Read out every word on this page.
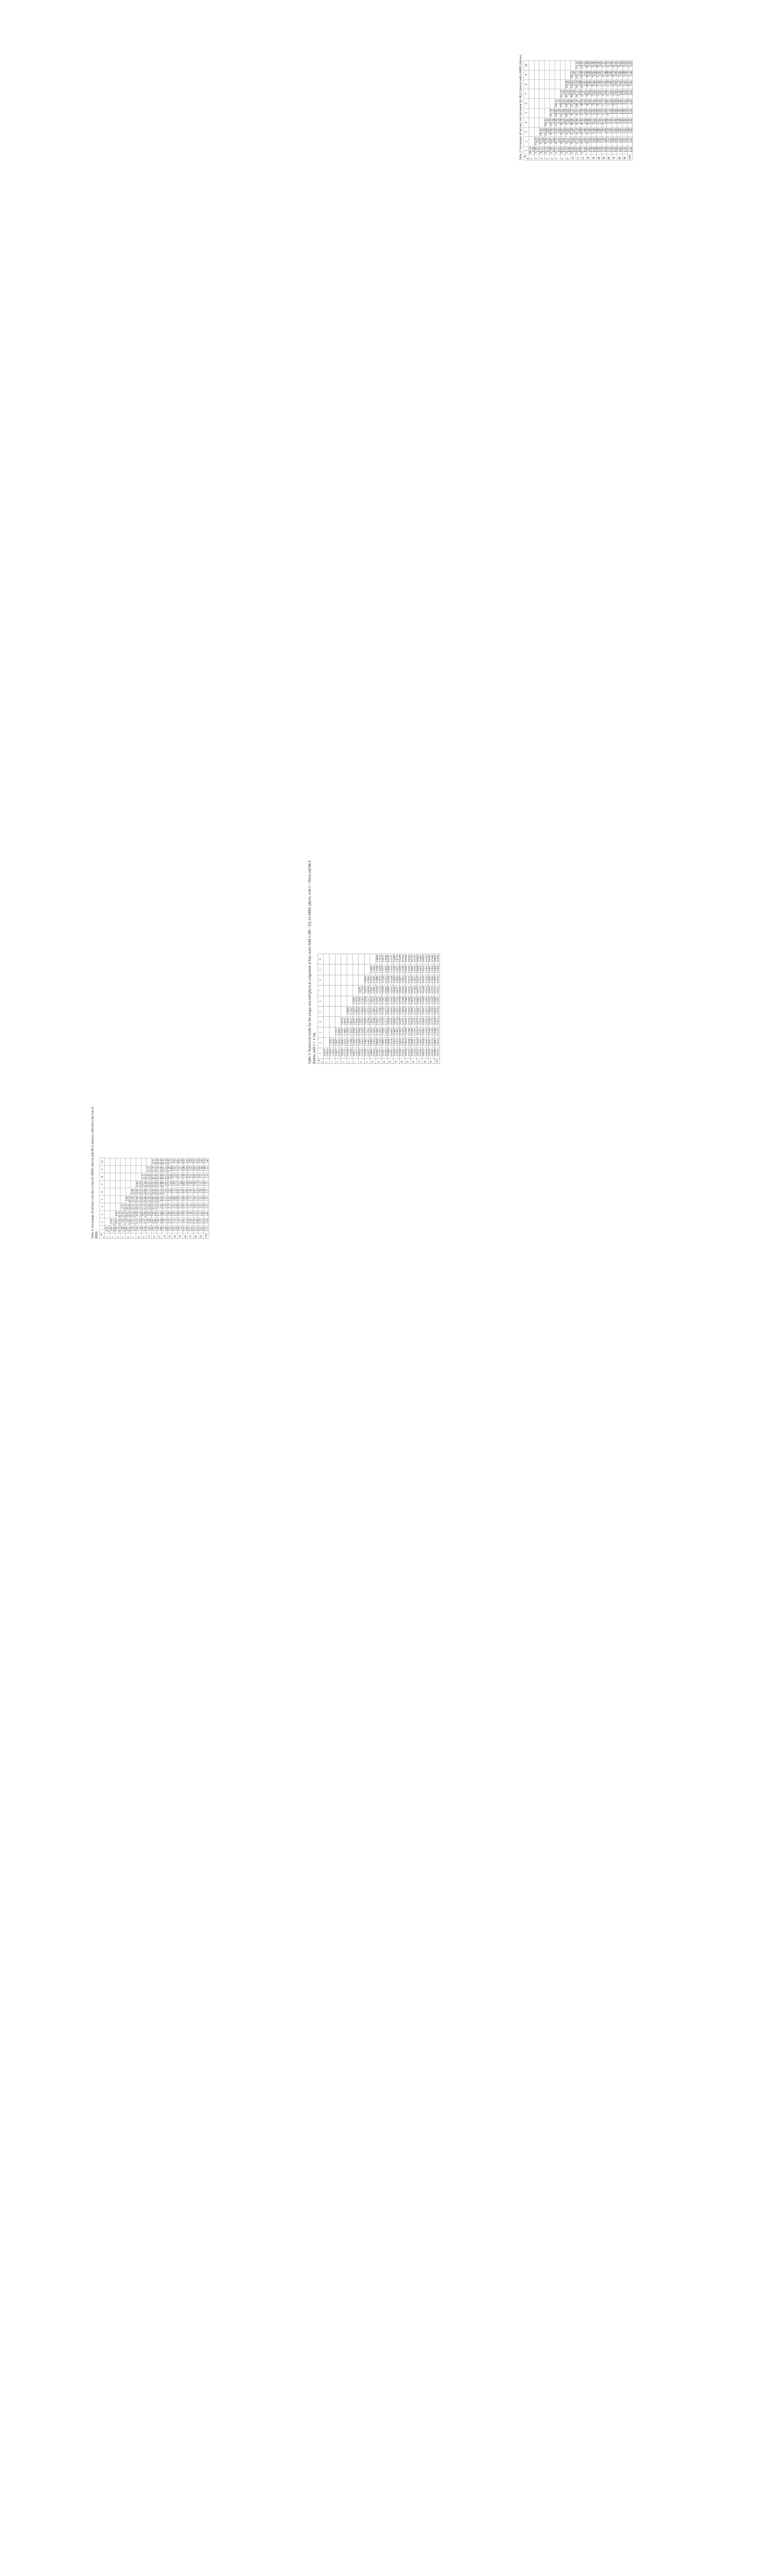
Table 4: Percentage of intrinsic risk due to bias for MIRE (above) and MLE (below), referred to the risk of MIRE. m
n	1	2	3	4	5	6	7	8	9	10
2	4.20 27.23									

3	4.25 19.99	6.90 27.37								

4	3.92 15.74	8.03 21.35	8.40 27.74							

5	3.48 12.88	7.82 17.04	10.41 23.79	9.34 29.54						

6	3.07 10.01	7.30 13.81	10.27 19.10	12.57 25.80	9.99 30.74					

7	2.78 9.50	6.71 11.55	10.11 15.68	12.52 21.11	13.18 27.73	10.46 31.91				

8	2.52 7.42	6.17 9.99	9.34 13.32	12.23 17.52	13.99 23.04	14.04 29.54	10.82 33.04			

9	2.30 6.58	5.70 8.57	8.93 11.69	11.72 15.14	13.95 19.46	15.11 24.88	14.57 31.26	11.10 34.11		

10	2.11 5.89	5.28 7.68	8.36 9.99	11.41 12.88	13.45 16.49	15.17 21.02	16.01 26.63	15.26 32.88	11.32 35.13	

11	1.95 5.34	4.91 6.86	7.87 8.99	10.53 11.13	12.99 13.85	14.83 18.28	16.21 22.46	16.73 28.30	15.70 34.33	11.50 36.11

15	1.49 3.85	3.82 4.74	6.21 5.61	8.54 7.01	10.66 8.72	12.65 11.31	14.45 13.66	16.05 16.44	17.39 19.76	18.39 23.76

20	1.15 2.88	2.98 3.59	4.89 4.27	6.78 5.08	8.59 6.23	10.32 7.64	11.97 8.99	13.52 10.51	14.97 12.23	16.32 14.19

30	0.78 1.91	2.05 2.33	3.38 2.83	4.74 3.37	6.10 3.96	7.43 4.60	8.75 5.29	10.03 6.00	11.28 6.84	12.50 7.71

40	0.60 1.43	1.55 1.73	2.58 2.01	3.63 2.42	4.69 2.86	5.75 3.30	6.80 3.74	7.83 4.22	8.84 4.73	9.83 5.27

50	0.48 1.14	1.25 1.37	2.08 1.62	2.93 1.92	3.79 2.22	4.65 2.54	5.51 2.88	6.37 3.24	7.22 3.61	8.06 3.99

60	0.41 0.95	1.05 1.14	1.74 1.34	2.45 1.59	3.18 1.83	3.91 2.09	4.63 2.36	5.36 2.63	6.08 2.92	6.81 3.21

70	0.35 0.81	0.90 0.97	1.50 1.16	2.11 1.36	2.73 1.57	3.36 1.78	3.98 1.99	4.61 2.21	5.24 2.45	5.86 2.69

80	0.31 0.71	0.79 0.85	1.31 1.01	1.85 1.19	2.40 1.37	2.95 1.55	3.49 1.74	4.04 1.93	4.60 2.13	5.15 2.33

90	0.27 0.63	0.70 0.75	1.17 0.89	1.65 1.05	2.13 1.22	2.62 1.38	3.11 1.54	3.60 1.71	4.09 1.88	4.58 2.06

100	0.25 0.57	0.63 0.68	1.05 0.80	1.48 0.93	1.92 1.07	2.36 1.21	2.80 1.35	3.24 1.50	3.68 1.65	4.12 1.80

Table 3: Numerical results for the unique non-null physical component of bias vector field ¼ Bθᵢᵖ⁻¹(λ̂), for MIRE (above, with λ = λ̂mre) and MLE (below, with λ = 1/√n). m
n	1	2	3	4	5	6	7	8	9	10
2	0.25273 −0.64116									

3	0.18216 −0.34699	0.33382 −0.66450								

4	0.11897 −0.23533	0.23607 −0.41521	0.37137 −0.68008							

5	0.09542 −0.17763	0.18360 −0.30233	0.27257 −0.44842	0.39730 −0.69095						

6	0.07959 −0.14348	0.15393 −0.23486	0.22835 −0.31633	0.29910 −0.48327	0.41428 −0.72422					

7	0.06877 −0.12037	0.13280 −0.19252	0.19748 −0.26071	0.25307 −0.36432	0.31652 −0.49564	0.42609 −0.74076				

8	0.06039 −0.10369	0.11699 −0.16436	0.17564 −0.22024	0.22219 −0.27002	0.27731 −0.39684	0.33165 −0.51802	0.43251 −0.75589			

9	0.05384 −0.09107	0.10481 −0.14403	0.15755 −0.17891	0.19839 −0.22564	0.24357 −0.28719	0.28944 −0.37137	0.34238 −0.49984	0.43604 −0.76060		

10	0.04840 −0.08120	0.09485 −0.12812	0.14361 −0.15814	0.18023 −0.19488	0.22151 −0.24493	0.26002 −0.30651	0.30621 −0.39891	0.35212 −0.51402	0.44624 −0.78265	

11	0.04426 −0.07210	0.08628 −0.11541	0.13082 −0.14251	0.16473 −0.17424	0.20175 −0.21488	0.23701 −0.26469	0.27399 −0.32234	0.31886 −0.39876	0.35788 −0.49286	0.44844 −0.79224

15	0.03267 −0.05266	0.06405 −0.08380	0.09426 −0.10270	0.12359 −0.11771	0.15136 −0.14171	0.17887 −0.16892	0.20445 −0.19862	0.23144 −0.22763	0.25707 −0.26430	0.28272 −0.30484

20	0.02466 −0.03897	0.04848 −0.05318	0.07164 −0.06810	0.09444 −0.08383	0.11902 −0.09709	0.13723 −0.11067	0.15809 −0.12714	0.17856 −0.14218	0.19818 −0.15724	0.21741 −0.17331

30	0.01650 −0.02564	0.03253 −0.03470	0.04825 −0.04405	0.06363 −0.05338	0.07881 −0.06225	0.09359 −0.07156	0.10869 −0.08057	0.12290 −0.08982	0.13787 −0.09877	0.14999 −0.10798

40	0.01240 −0.01911	0.02439 −0.02576	0.03623 −0.03256	0.04787 −0.03935	0.05939 −0.04604	0.07074 −0.05288	0.08190 −0.05956	0.09297 −0.06621	0.10395 −0.07285	0.11476 −0.07954

50	0.00994 −0.01523	0.01974 −0.02048	0.02919 −0.02584	0.03839 −0.03120	0.04763 −0.03652	0.05668 −0.04186	0.06569 −0.04711	0.07476 −0.05234	0.08306 −0.05791	0.09196 −0.06326

60	0.00829 −0.01266	0.01649 −0.01700	0.02440 −0.02136	0.03222 −0.02576	0.03990 −0.03017	0.04750 −0.03451	0.05505 −0.03888	0.06247 −0.04323	0.06967 −0.04762	0.07719 −0.05195

70	0.00711 −0.01083	0.01415 −0.01453	0.02111 −0.01827	0.02770 −0.02203	0.03426 −0.02575	0.04082 −0.02954	0.04727 −0.03335	0.05375 −0.03701	0.06008 −0.04079	0.06632 −0.04462

80	0.00623 −0.00946	0.01238 −0.01269	0.01841 −0.01594	0.02429 −0.01924	0.03010 −0.02257	0.03569 −0.02590	0.04148 −0.02914	0.04719 −0.03242	0.05273 −0.03576	0.05833 −0.03905

90	0.00554 −0.00840	0.01103 −0.01126	0.01640 −0.01414	0.02164 −0.01706	0.02684 −0.01996	0.03191 −0.02288	0.03699 −0.02578	0.04199 −0.02866	0.04697 −0.03160	0.05190 −0.03446

100	0.00498 −0.00756	0.00993 −0.01012	0.01481 −0.01271	0.01954 −0.01533	0.02419 −0.01794	0.02880 −0.02055	0.03337 −0.02312	0.03787 −0.02576	0.04236 −0.02834	0.04676 −0.03098

Table 2: Percentage of intrinsic risk increment for MLE (above) and a-MIRE (below). m
n	1	2	3	4	5	6	7	8	9	10
2	80.54 1.64									

3	57.08 0.31	114.18 0.54								

4	42.51 0.12	87.63 0.64	140.61 1.03							

5	33.73 0.04	67.93 0.11	114.44 0.61	162.61 1.42						

6	27.88 0.02	54.83 0.04	90.86 0.10	138.22 0.58	181.58 1.22					

7	23.72 0.01	45.78 0.02	74.42 0.03	112.04 0.10	159.65 0.56	198.21 1.19				

8	20.63 0.01	39.22 0.01	62.67 0.02	92.70 0.03	131.51 0.09	179.23 0.55	213.33 1.04			

9	18.23 0.00	34.27 0.01	54.00 0.01	78.62 0.03	109.84 0.03	149.62 0.09	197.26 0.54	226.98 1.03		

10	16.35 0.00	30.42 0.00	47.38 0.01	68.08 0.01	93.73 0.01	125.99 0.03	166.59 0.09	214.02 0.53	239.51 1.00	

11	14.81 0.00	27.33 0.00	42.19 0.00	59.96 0.01	81.55 0.01	108.10 0.01	141.27 0.03	182.58 0.08	229.71 0.53	251.10 0.99

15	10.75 0.00	19.42 0.00	29.26 0.00	40.45 0.00	53.26 0.00	68.04 0.00	85.30 0.01	105.68 0.01	130.06 0.01	159.58 0.01

20	7.97 0.00	14.21 0.00	21.03 0.00	28.68 0.00	37.07 0.00	46.24 0.00	56.51 0.00	68.00 0.00	80.96 0.00	95.69 0.00

30	5.29 0.00	9.29 0.00	13.56 0.00	18.11 0.00	22.95 0.00	28.11 0.00	33.63 0.00	39.52 0.00	45.85 0.00	52.66 0.00

40	3.96 0.00	6.89 0.00	9.98 0.00	13.21 0.00	16.62 0.00	20.18 0.00	23.91 0.00	27.83 0.00	31.95 0.00	36.28 0.00

50	3.16 0.00	5.48 0.00	7.90 0.00	10.42 0.00	13.03 0.00	15.74 0.00	18.55 0.00	21.47 0.00	24.51 0.00	27.67 0.00

60	2.63 0.00	4.54 0.00	6.54 0.00	8.59 0.00	10.71 0.00	12.91 0.00	15.17 0.00	17.48 0.00	19.88 0.00	22.35 0.00

70	2.25 0.00	3.88 0.00	5.57 0.00	7.31 0.00	9.09 0.00	10.93 0.00	12.81 0.00	14.74 0.00	16.72 0.00	18.75 0.00

80	1.97 0.00	3.39 0.00	4.86 0.00	6.36 0.00	7.90 0.00	9.48 0.00	11.09 0.00	12.74 0.00	14.42 0.00	16.15 0.00

90	1.75 0.00	3.01 0.00	4.31 0.00	5.63 0.00	6.99 0.00	8.37 0.00	9.78 0.00	11.22 0.00	12.68 0.00	14.18 0.00

100	1.57 0.00	2.70 0.00	3.86 0.00	5.04 0.00	6.25 0.00	7.48 0.00	8.74 0.00	10.01 0.00	11.32 0.00	12.64 0.00
